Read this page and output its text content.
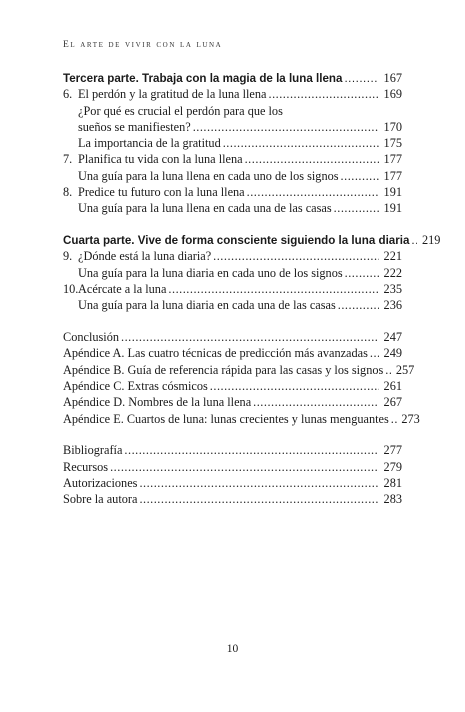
El arte de vivir con la luna
Tercera parte. Trabaja con la magia de la luna llena .....	167
6. El perdón y la gratitud de la luna llena .....	169
¿Por qué es crucial el perdón para que los
sueños se manifiesten? .....	170
La importancia de la gratitud .....	175
7. Planifica tu vida con la luna llena .....	177
Una guía para la luna llena en cada uno de los signos .....	177
8. Predice tu futuro con la luna llena .....	191
Una guía para la luna llena en cada una de las casas .....	191
Cuarta parte. Vive de forma consciente siguiendo la luna diaria ..... 219
9. ¿Dónde está la luna diaria? .....	221
Una guía para la luna diaria en cada uno de los signos .....	222
10. Acércate a la luna .....	235
Una guía para la luna diaria en cada una de las casas .....	236
Conclusión .....	247
Apéndice A. Las cuatro técnicas de predicción más avanzadas ..... 249
Apéndice B. Guía de referencia rápida para las casas y los signos ..... 257
Apéndice C. Extras cósmicos .....	261
Apéndice D. Nombres de la luna llena .....	267
Apéndice E. Cuartos de luna: lunas crecientes y lunas menguantes ..... 273
Bibliografía .....	277
Recursos .....	279
Autorizaciones .....	281
Sobre la autora .....	283
10
